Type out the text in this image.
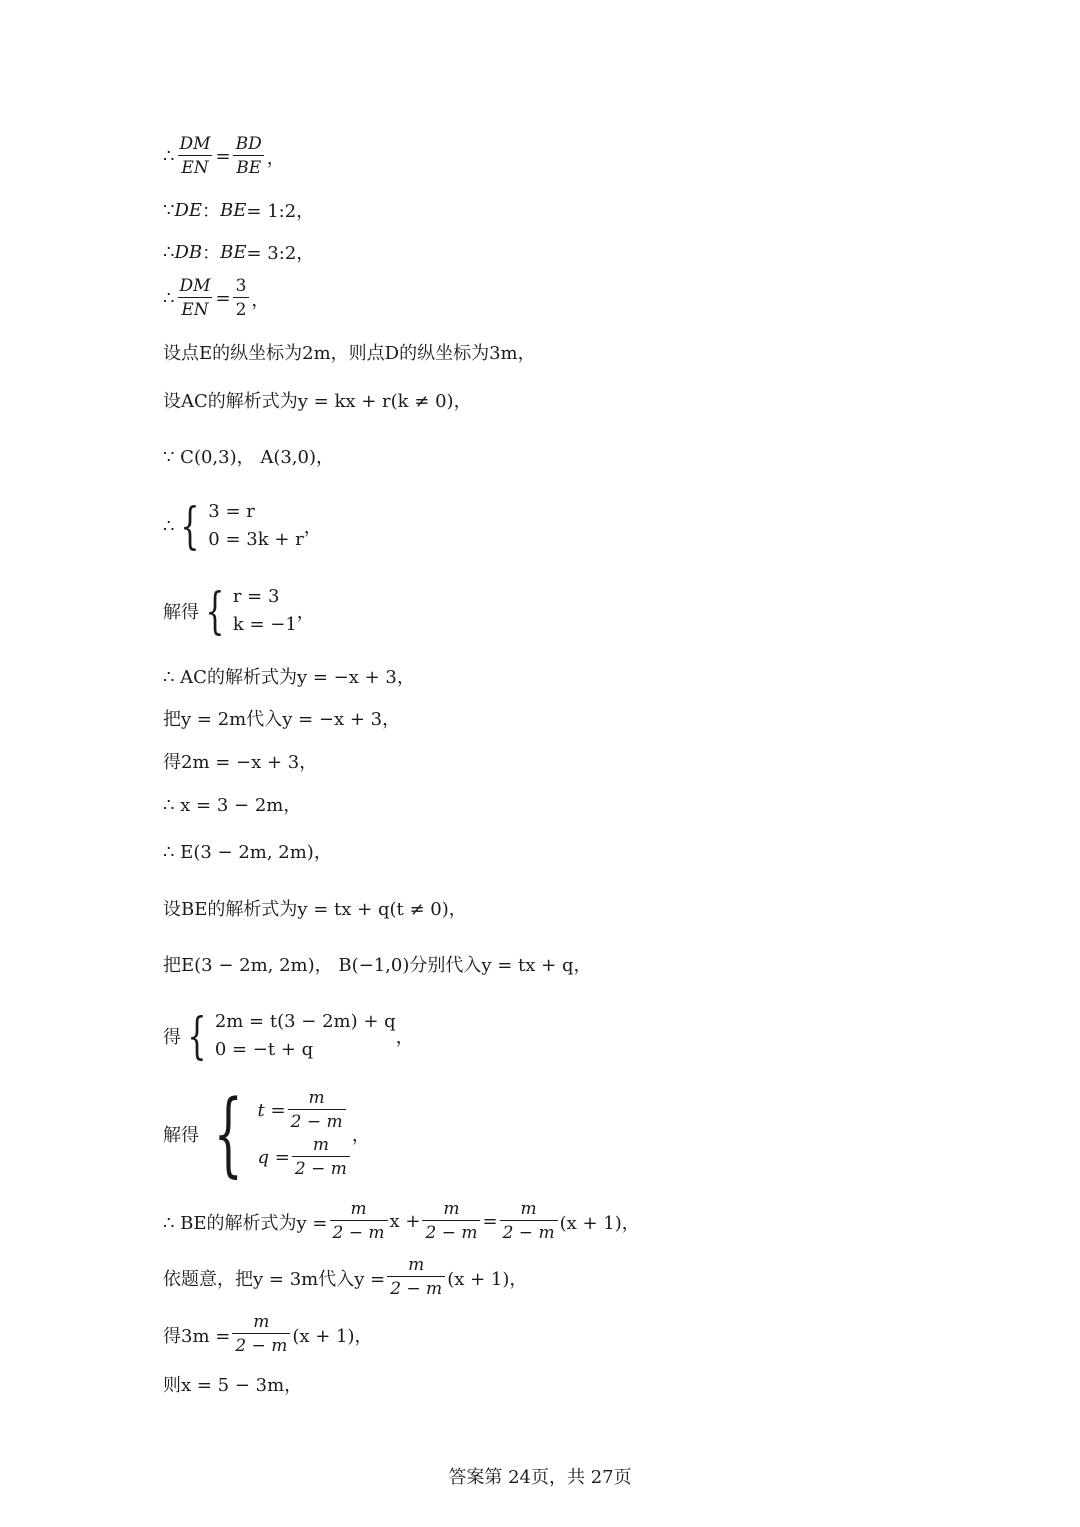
∴ $\frac{DM}{EN} = \frac{BD}{BE}$ ，
∵ DE ： BE = 1:2，
∴ DB ： BE = 3:2，
∴ $\frac{DM}{EN} = \frac{3}{2}$ ，
设点E的纵坐标为2m，则点D的纵坐标为3m，
设AC的解析式为y = kx + r(k ≠ 0)，
∵ C(0,3)， A(3,0)，
∴ { 3 = r
0 = 3k + r
，
解得 { r = 3
k = −1
，
∴ AC的解析式为y = −x + 3，
把y = 2m代入y = −x + 3，
得2m = −x + 3，
∴ x = 3 − 2m，
∴ E(3 − 2m, 2m)，
设BE的解析式为y = tx + q(t ≠ 0)，
把E(3 − 2m, 2m)， B(−1,0)分别代入y = tx + q，
得 { 2m = t(3 − 2m) + q
0 = −t + q
，
解得 { $t = \frac{m}{2 - m}$
$q = \frac{m}{2 - m}$ ，
∴ BE的解析式为$y = \frac{m}{2 - m}$ $x + \frac{m}{2 - m} = \frac{m}{2 - m} (x + 1)$，
依题意，把y = 3m代入$y = \frac{m}{2 - m} (x + 1)$，
得$3m = \frac{m}{2 - m} (x + 1)$，
则x = 5 − 3m，
答案第 24页，共 27页
